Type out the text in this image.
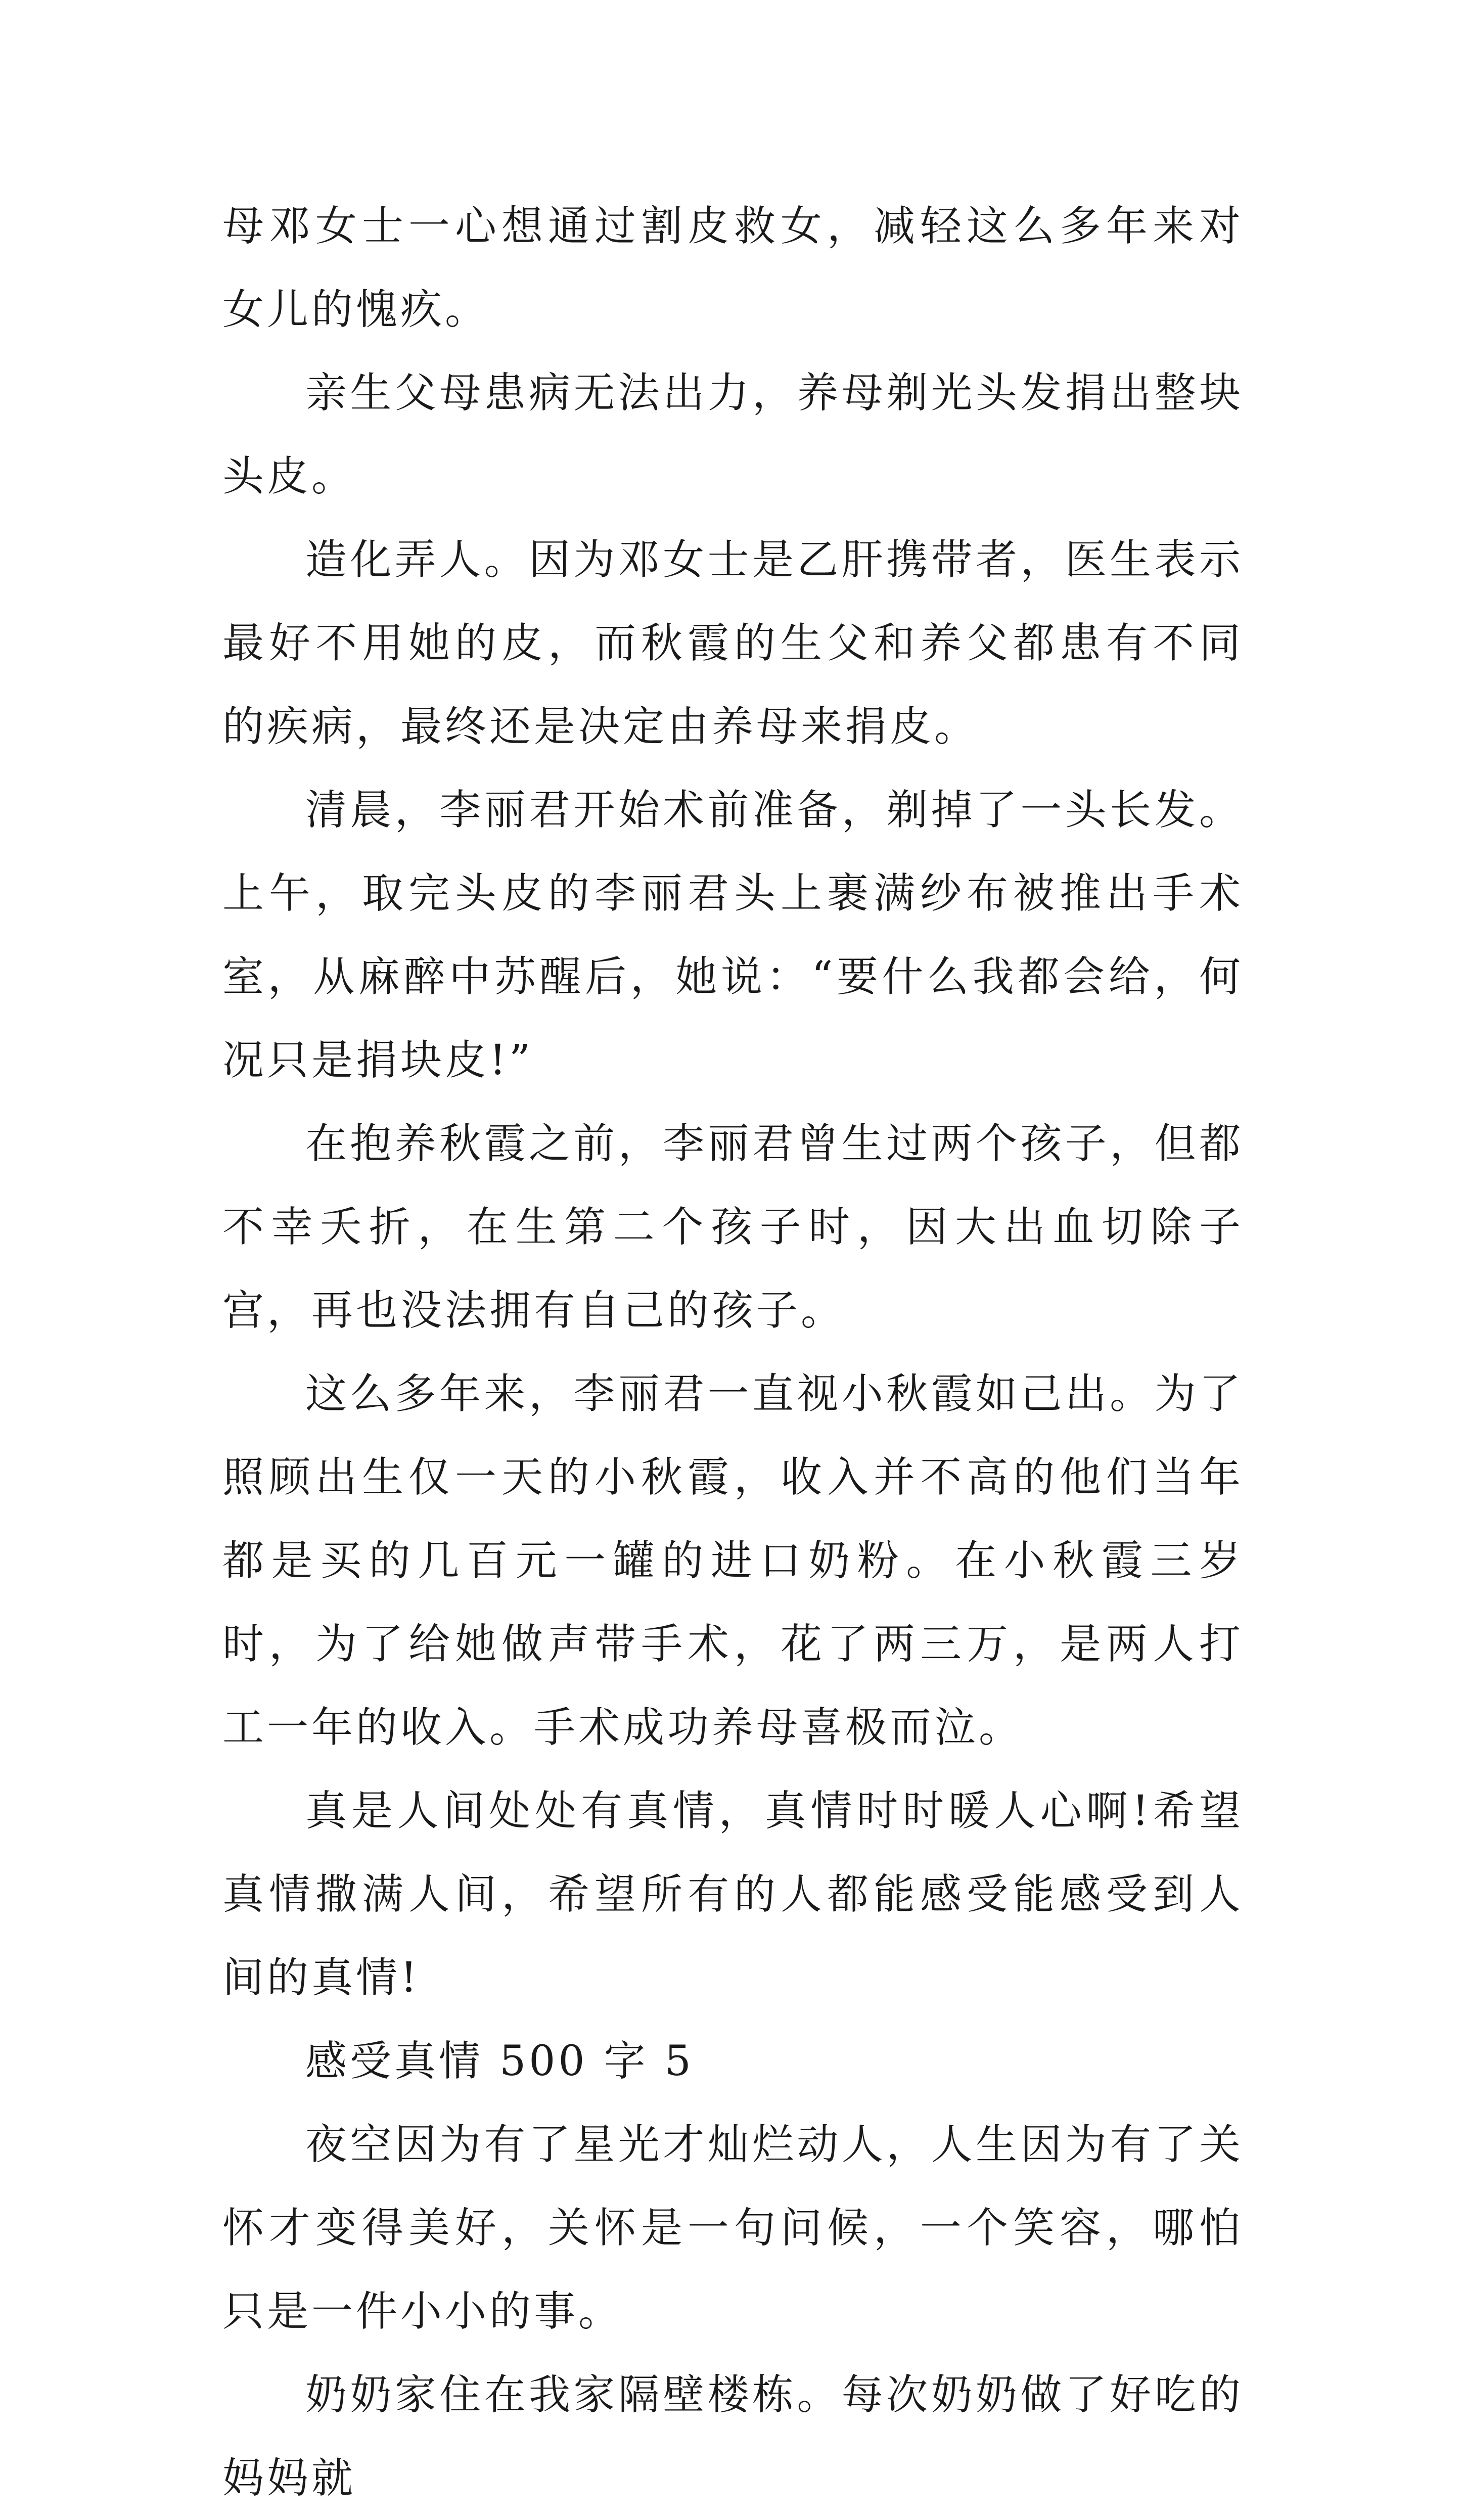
母邓女士一心想通过割皮救女，减轻这么多年来对女儿的愧疚。

亲生父母患病无法出力，养母剃光头发捐出整块头皮。

造化弄人。因为邓女士是乙肝携带者，医生表示最好不用她的皮，而秋霞的生父和养父都患有不同的疾病，最终还是决定由养母来捐皮。

清晨，李丽君开始术前准备，剃掉了一头长发。上午，取完头皮的李丽君头上裹满纱布被推出手术室，从麻醉中苏醒后，她说：“要什么我都会给，何况只是捐块皮!”

在抱养秋霞之前，李丽君曾生过两个孩子，但都不幸夭折，在生第二个孩子时，因大出血切除子宫，再也没法拥有自己的孩子。

这么多年来，李丽君一直视小秋霞如己出。为了照顾出生仅一天的小秋霞，收入并不高的他们当年都是买的几百元一罐的进口奶粉。在小秋霞三岁时，为了给她做声带手术，花了两三万，是两人打工一年的收入。手术成功养母喜极而泣。

真是人间处处有真情，真情时时暖人心啊!希望真情撒满人间，希望所有的人都能感受能感受到人间的真情!

感受真情 500 字 5

夜空因为有了星光才灿烂动人，人生因为有了关怀才变得美好，关怀是一句问候，一个笑容，哪怕只是一件小小的事。

奶奶家住在我家隔壁楼栋。每次奶奶做了好吃的妈妈就
